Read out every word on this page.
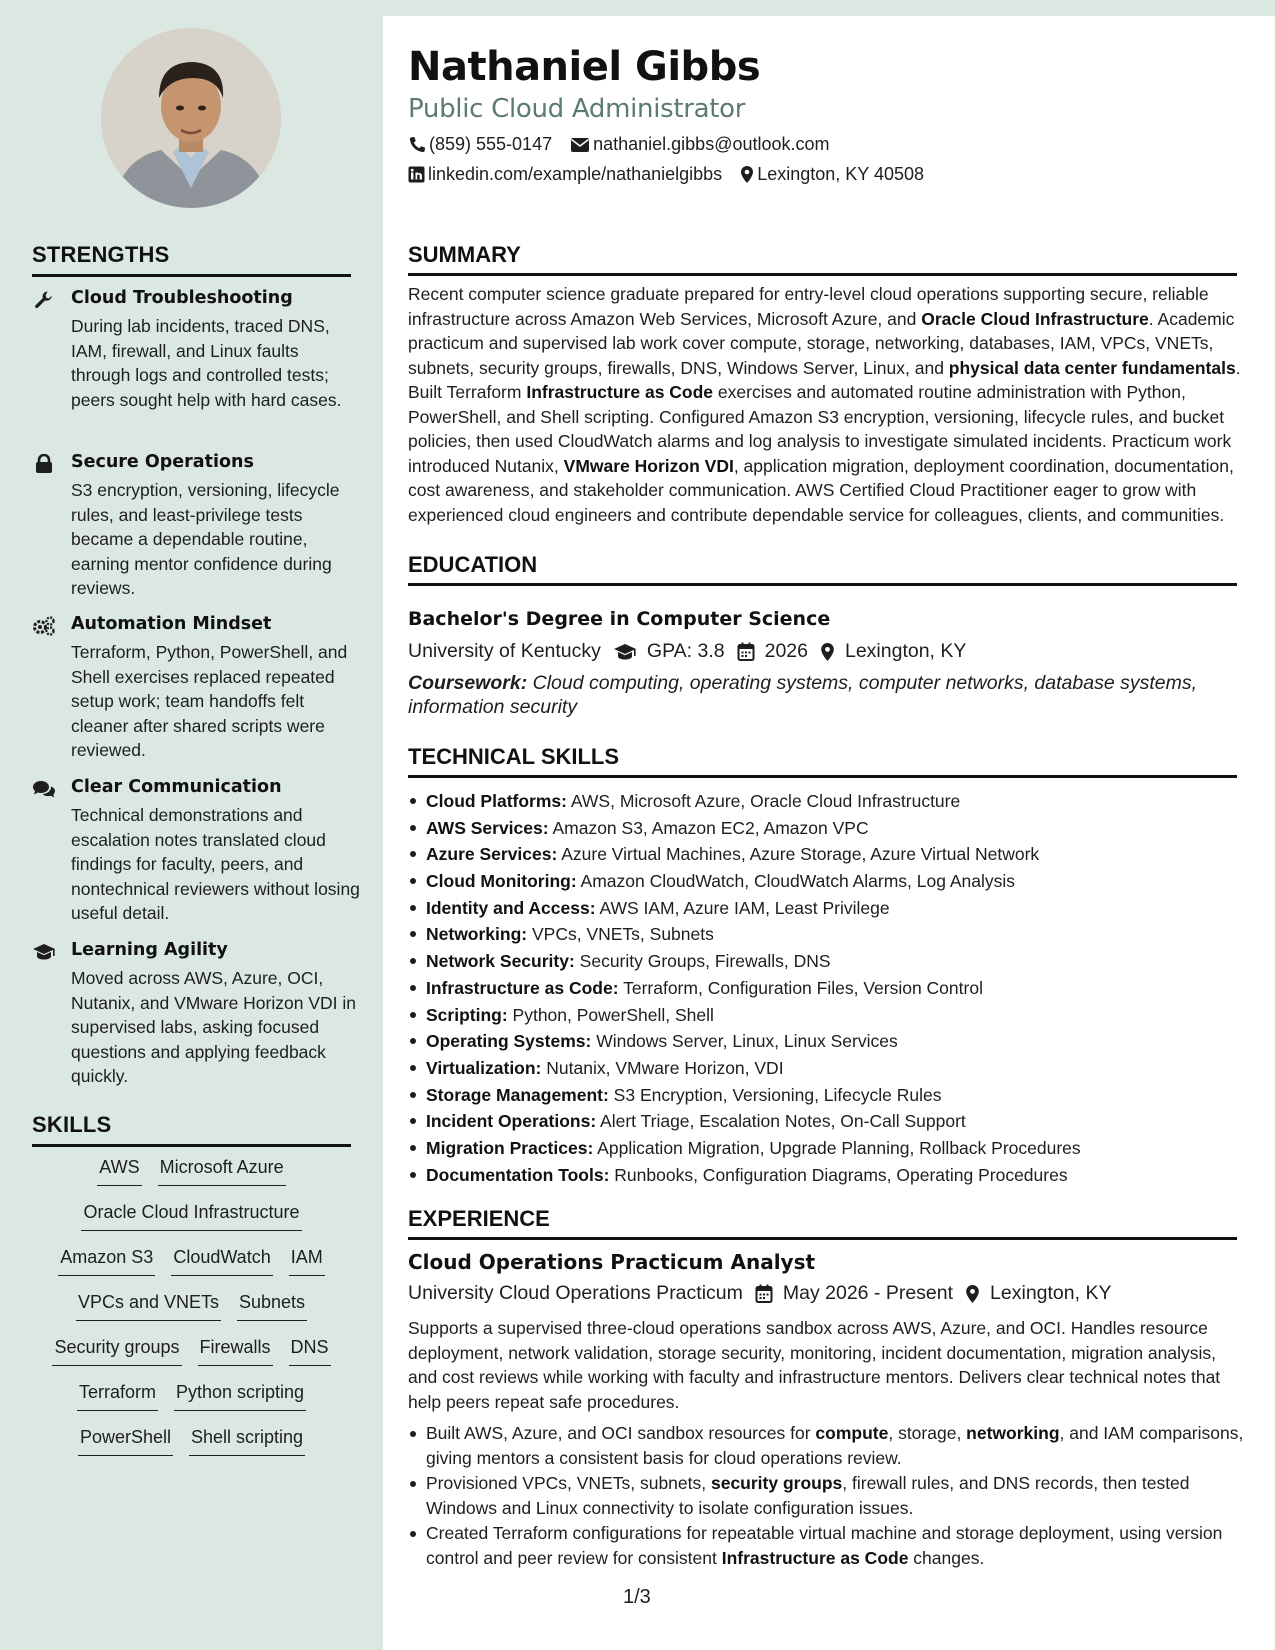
STRENGTHS
Cloud Troubleshooting
During lab incidents, traced DNS, IAM, firewall, and Linux faults through logs and controlled tests; peers sought help with hard cases.
Secure Operations
S3 encryption, versioning, lifecycle rules, and least-privilege tests became a dependable routine, earning mentor confidence during reviews.
Automation Mindset
Terraform, Python, PowerShell, and Shell exercises replaced repeated setup work; team handoffs felt cleaner after shared scripts were reviewed.
Clear Communication
Technical demonstrations and escalation notes translated cloud findings for faculty, peers, and nontechnical reviewers without losing useful detail.
Learning Agility
Moved across AWS, Azure, OCI, Nutanix, and VMware Horizon VDI in supervised labs, asking focused questions and applying feedback quickly.
SKILLS
AWS Microsoft Azure
Oracle Cloud Infrastructure
Amazon S3 CloudWatch IAM
VPCs and VNETs Subnets
Security groups Firewalls DNS
Terraform Python scripting
PowerShell Shell scripting
Nathaniel Gibbs
Public Cloud Administrator
(859) 555-0147 nathaniel.gibbs@outlook.com
linkedin.com/example/nathanielgibbs Lexington, KY 40508
SUMMARY
Recent computer science graduate prepared for entry-level cloud operations supporting secure, reliable infrastructure across Amazon Web Services, Microsoft Azure, and Oracle Cloud Infrastructure. Academic practicum and supervised lab work cover compute, storage, networking, databases, IAM, VPCs, VNETs, subnets, security groups, firewalls, DNS, Windows Server, Linux, and physical data center fundamentals. Built Terraform Infrastructure as Code exercises and automated routine administration with Python, PowerShell, and Shell scripting. Configured Amazon S3 encryption, versioning, lifecycle rules, and bucket policies, then used CloudWatch alarms and log analysis to investigate simulated incidents. Practicum work introduced Nutanix, VMware Horizon VDI, application migration, deployment coordination, documentation, cost awareness, and stakeholder communication. AWS Certified Cloud Practitioner eager to grow with experienced cloud engineers and contribute dependable service for colleagues, clients, and communities.
EDUCATION
Bachelor's Degree in Computer Science
University of Kentucky GPA: 3.8 2026 Lexington, KY
Coursework: Cloud computing, operating systems, computer networks, database systems, information security
TECHNICAL SKILLS
Cloud Platforms: AWS, Microsoft Azure, Oracle Cloud Infrastructure
AWS Services: Amazon S3, Amazon EC2, Amazon VPC
Azure Services: Azure Virtual Machines, Azure Storage, Azure Virtual Network
Cloud Monitoring: Amazon CloudWatch, CloudWatch Alarms, Log Analysis
Identity and Access: AWS IAM, Azure IAM, Least Privilege
Networking: VPCs, VNETs, Subnets
Network Security: Security Groups, Firewalls, DNS
Infrastructure as Code: Terraform, Configuration Files, Version Control
Scripting: Python, PowerShell, Shell
Operating Systems: Windows Server, Linux, Linux Services
Virtualization: Nutanix, VMware Horizon, VDI
Storage Management: S3 Encryption, Versioning, Lifecycle Rules
Incident Operations: Alert Triage, Escalation Notes, On-Call Support
Migration Practices: Application Migration, Upgrade Planning, Rollback Procedures
Documentation Tools: Runbooks, Configuration Diagrams, Operating Procedures
EXPERIENCE
Cloud Operations Practicum Analyst
University Cloud Operations Practicum May 2026 - Present Lexington, KY
Supports a supervised three-cloud operations sandbox across AWS, Azure, and OCI. Handles resource deployment, network validation, storage security, monitoring, incident documentation, migration analysis, and cost reviews while working with faculty and infrastructure mentors. Delivers clear technical notes that help peers repeat safe procedures.
Built AWS, Azure, and OCI sandbox resources for compute, storage, networking, and IAM comparisons, giving mentors a consistent basis for cloud operations review.
Provisioned VPCs, VNETs, subnets, security groups, firewall rules, and DNS records, then tested Windows and Linux connectivity to isolate configuration issues.
Created Terraform configurations for repeatable virtual machine and storage deployment, using version control and peer review for consistent Infrastructure as Code changes.
1/3
